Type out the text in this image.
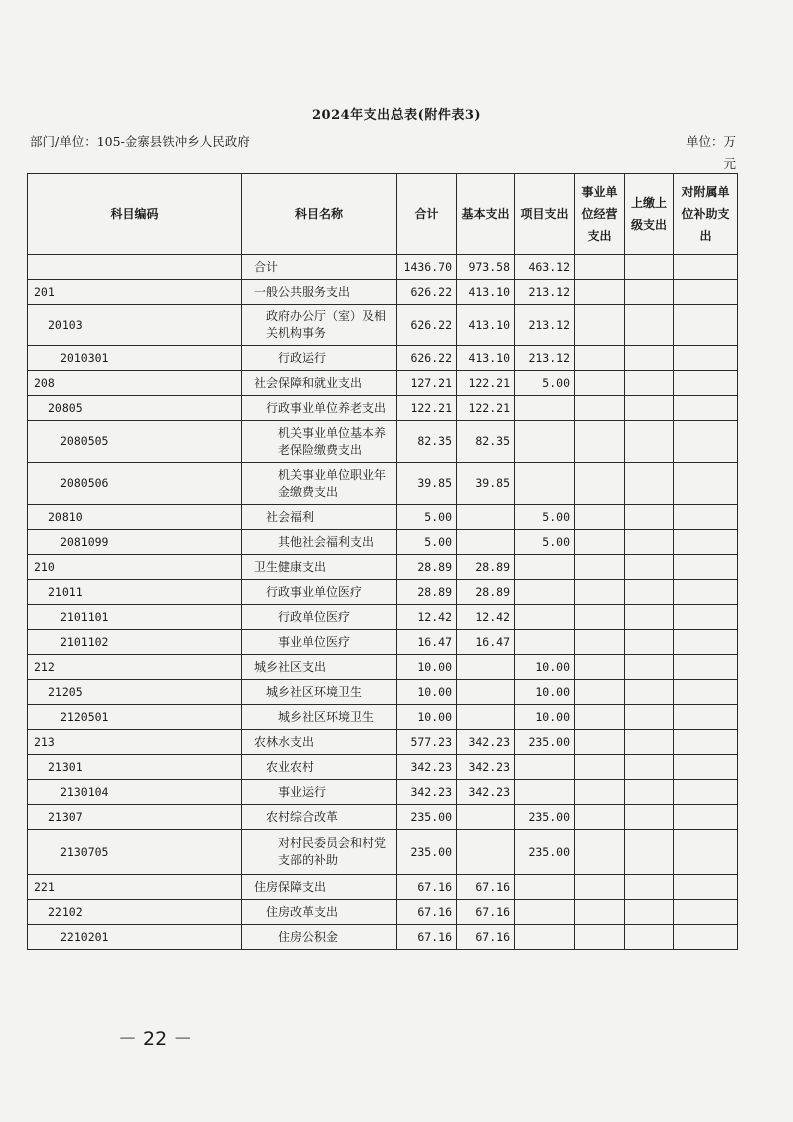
2024年支出总表(附件表3)
部门/单位：105-金寨县铁冲乡人民政府	单位：万元
科目编码	科目名称	合计	基本支出	项目支出	事业单位经营支出	上缴上级支出	对附属单位补助支出
	合计	1436.70	973.58	463.12			
201	一般公共服务支出	626.22	413.10	213.12			
20103	政府办公厅（室）及相关机构事务	626.22	413.10	213.12			
2010301	行政运行	626.22	413.10	213.12			
208	社会保障和就业支出	127.21	122.21	5.00			
20805	行政事业单位养老支出	122.21	122.21				
2080505	机关事业单位基本养老保险缴费支出	82.35	82.35				
2080506	机关事业单位职业年金缴费支出	39.85	39.85				
20810	社会福利	5.00		5.00			
2081099	其他社会福利支出	5.00		5.00			
210	卫生健康支出	28.89	28.89				
21011	行政事业单位医疗	28.89	28.89				
2101101	行政单位医疗	12.42	12.42				
2101102	事业单位医疗	16.47	16.47				
212	城乡社区支出	10.00		10.00			
21205	城乡社区环境卫生	10.00		10.00			
2120501	城乡社区环境卫生	10.00		10.00			
213	农林水支出	577.23	342.23	235.00			
21301	农业农村	342.23	342.23				
2130104	事业运行	342.23	342.23				
21307	农村综合改革	235.00		235.00			
2130705	对村民委员会和村党支部的补助	235.00		235.00			
221	住房保障支出	67.16	67.16				
22102	住房改革支出	67.16	67.16				
2210201	住房公积金	67.16	67.16				
－ 22 －
